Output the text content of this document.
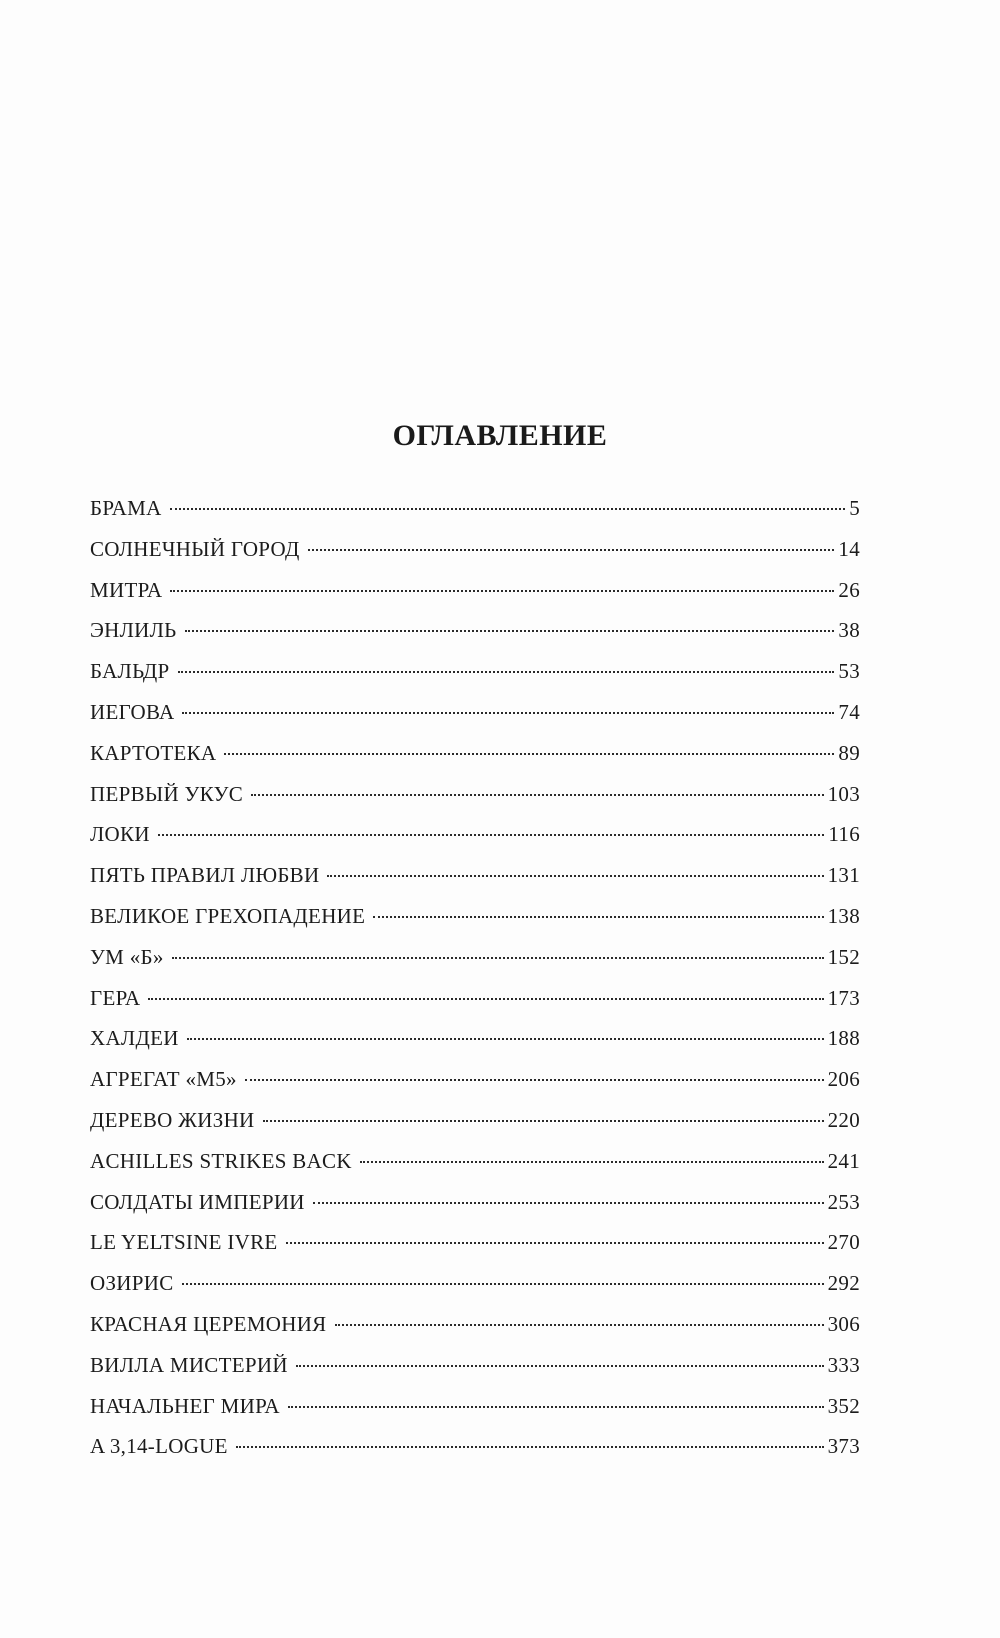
ОГЛАВЛЕНИЕ
БРАМА	5
СОЛНЕЧНЫЙ ГОРОД	14
МИТРА	26
ЭНЛИЛЬ	38
БАЛЬДР	53
ИЕГОВА	74
КАРТОТЕКА	89
ПЕРВЫЙ УКУС	103
ЛОКИ	116
ПЯТЬ ПРАВИЛ ЛЮБВИ	131
ВЕЛИКОЕ ГРЕХОПАДЕНИЕ	138
УМ «Б»	152
ГЕРА	173
ХАЛДЕИ	188
АГРЕГАТ «М5»	206
ДЕРЕВО ЖИЗНИ	220
ACHILLES STRIKES BACK	241
СОЛДАТЫ ИМПЕРИИ	253
LE YELTSINE IVRE	270
ОЗИРИС	292
КРАСНАЯ ЦЕРЕМОНИЯ	306
ВИЛЛА МИСТЕРИЙ	333
НАЧАЛЬНЕГ МИРА	352
A 3,14-LOGUE	373
